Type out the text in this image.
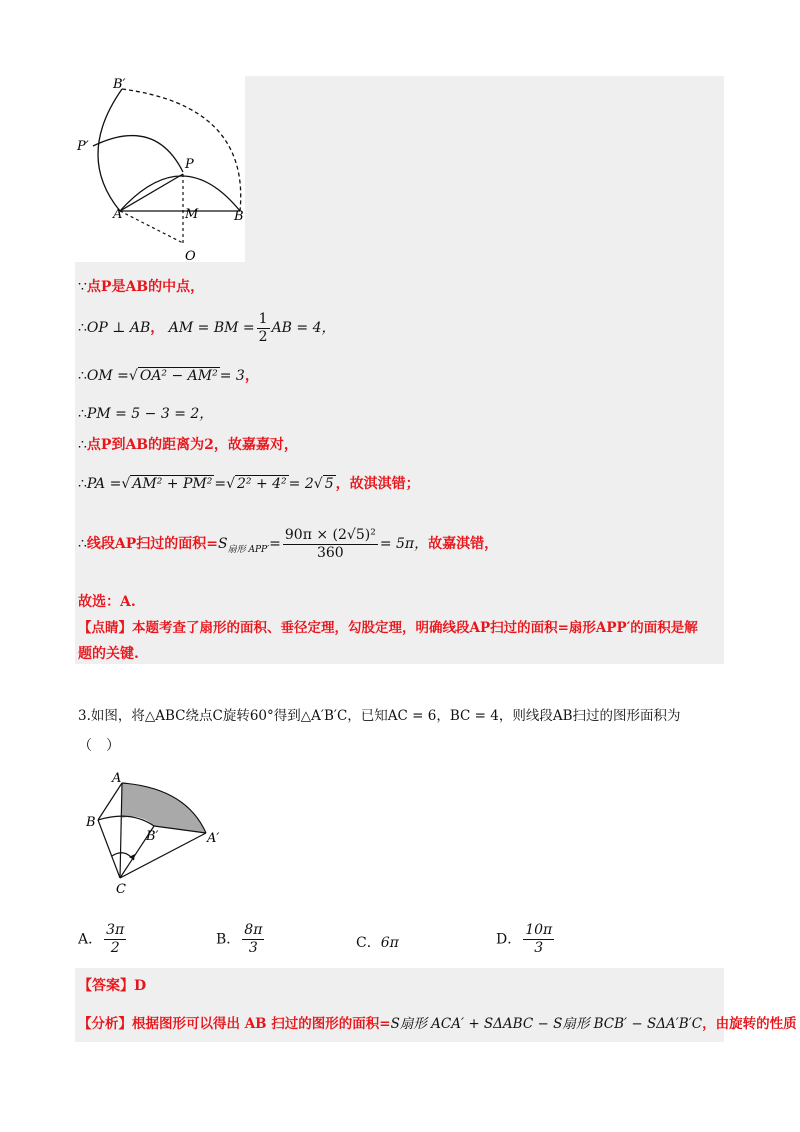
B′
P′
P
A	M	B
O
∵点P是AB的中点，
∴OP ⊥ AB， AM = BM = $\frac{1}{2}$ AB = 4，
∴OM =√ OA² − AM² = 3，
∴PM = 5 − 3 = 2，
∴点P到AB的距离为2，故嘉嘉对，
∴PA =√ AM² + PM² =√ 2² + 4² = 2√ 5 ，故淇淇错；
∴线段AP扫过的面积$=S_{扇形 APP'}= \frac{\text{90π × (2√5)²}}{360} = 5\pi$，故嘉淇错，
故选：A.
【点睛】本题考查了扇形的面积、垂径定理，勾股定理，明确线段AP扫过的面积=扇形APP′的面积是解
题的关键.
3.如图，将△ABC绕点C旋转60°得到△A′B′C，已知AC = 6，BC = 4，则线段AB扫过的图形面积为
（　）
A
B
B′	A′
C
A． $\frac{3\pi}{2}$	B． $\frac{8\pi}{3}$	C．6π	D． $\frac{10\pi}{3}$
【答案】D
【分析】根据图形可以得出 AB 扫过的图形的面积=S扇形 ACA′ + SΔABC − S扇形 BCB′ − SΔA′B′C，由旋转的性质
